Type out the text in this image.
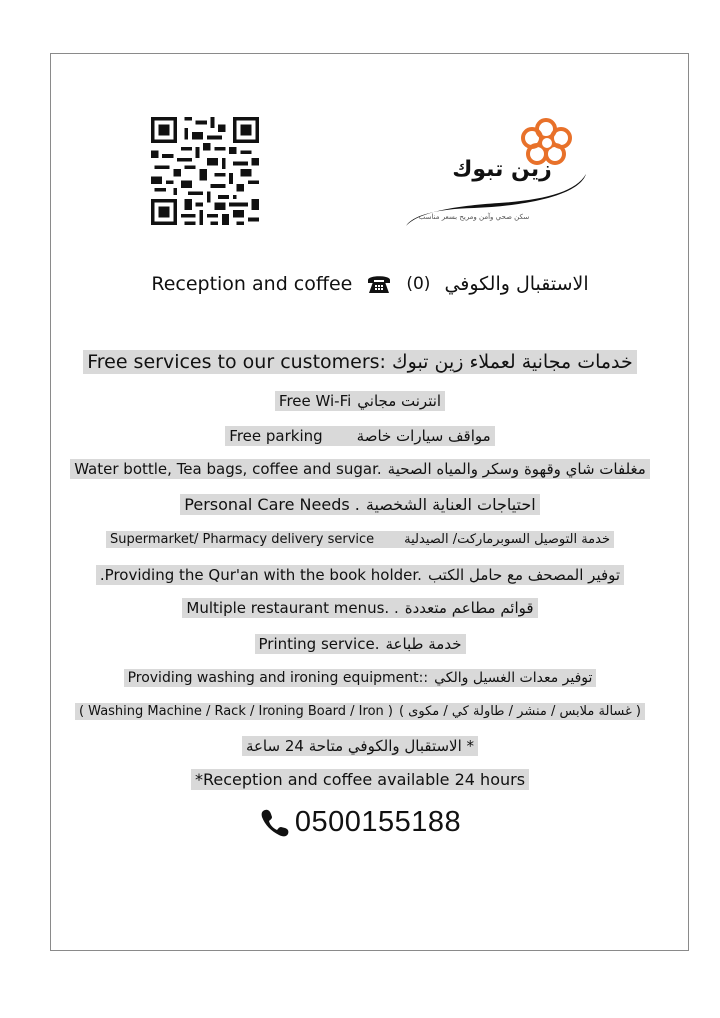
زين تبوك
سكن صحي وآمن ومريح بسعر مناسب
Reception and coffee	(0) الاستقبال والكوفي
Free services to our customers: خدمات مجانية لعملاء زين تبوك
Free Wi-Fi انترنت مجاني
Free parking مواقف سيارات خاصة
Water bottle, Tea bags, coffee and sugar. مغلفات شاي وقهوة وسكر والمياه الصحية
Personal Care Needs . احتياجات العناية الشخصية
Supermarket/ Pharmacy delivery service خدمة التوصيل السوبرماركت/ الصيدلية
.Providing the Qur'an with the book holder. توفير المصحف مع حامل الكتب
Multiple restaurant menus. . قوائم مطاعم متعددة
Printing service. خدمة طباعة
Providing washing and ironing equipment:: توفير معدات الغسيل والكي
( Washing Machine / Rack / Ironing Board / Iron ) ( غسالة ملابس / منشر / طاولة كي / مكوى )
* الاستقبال والكوفي متاحة 24 ساعة
*Reception and coffee available 24 hours
0500155188
